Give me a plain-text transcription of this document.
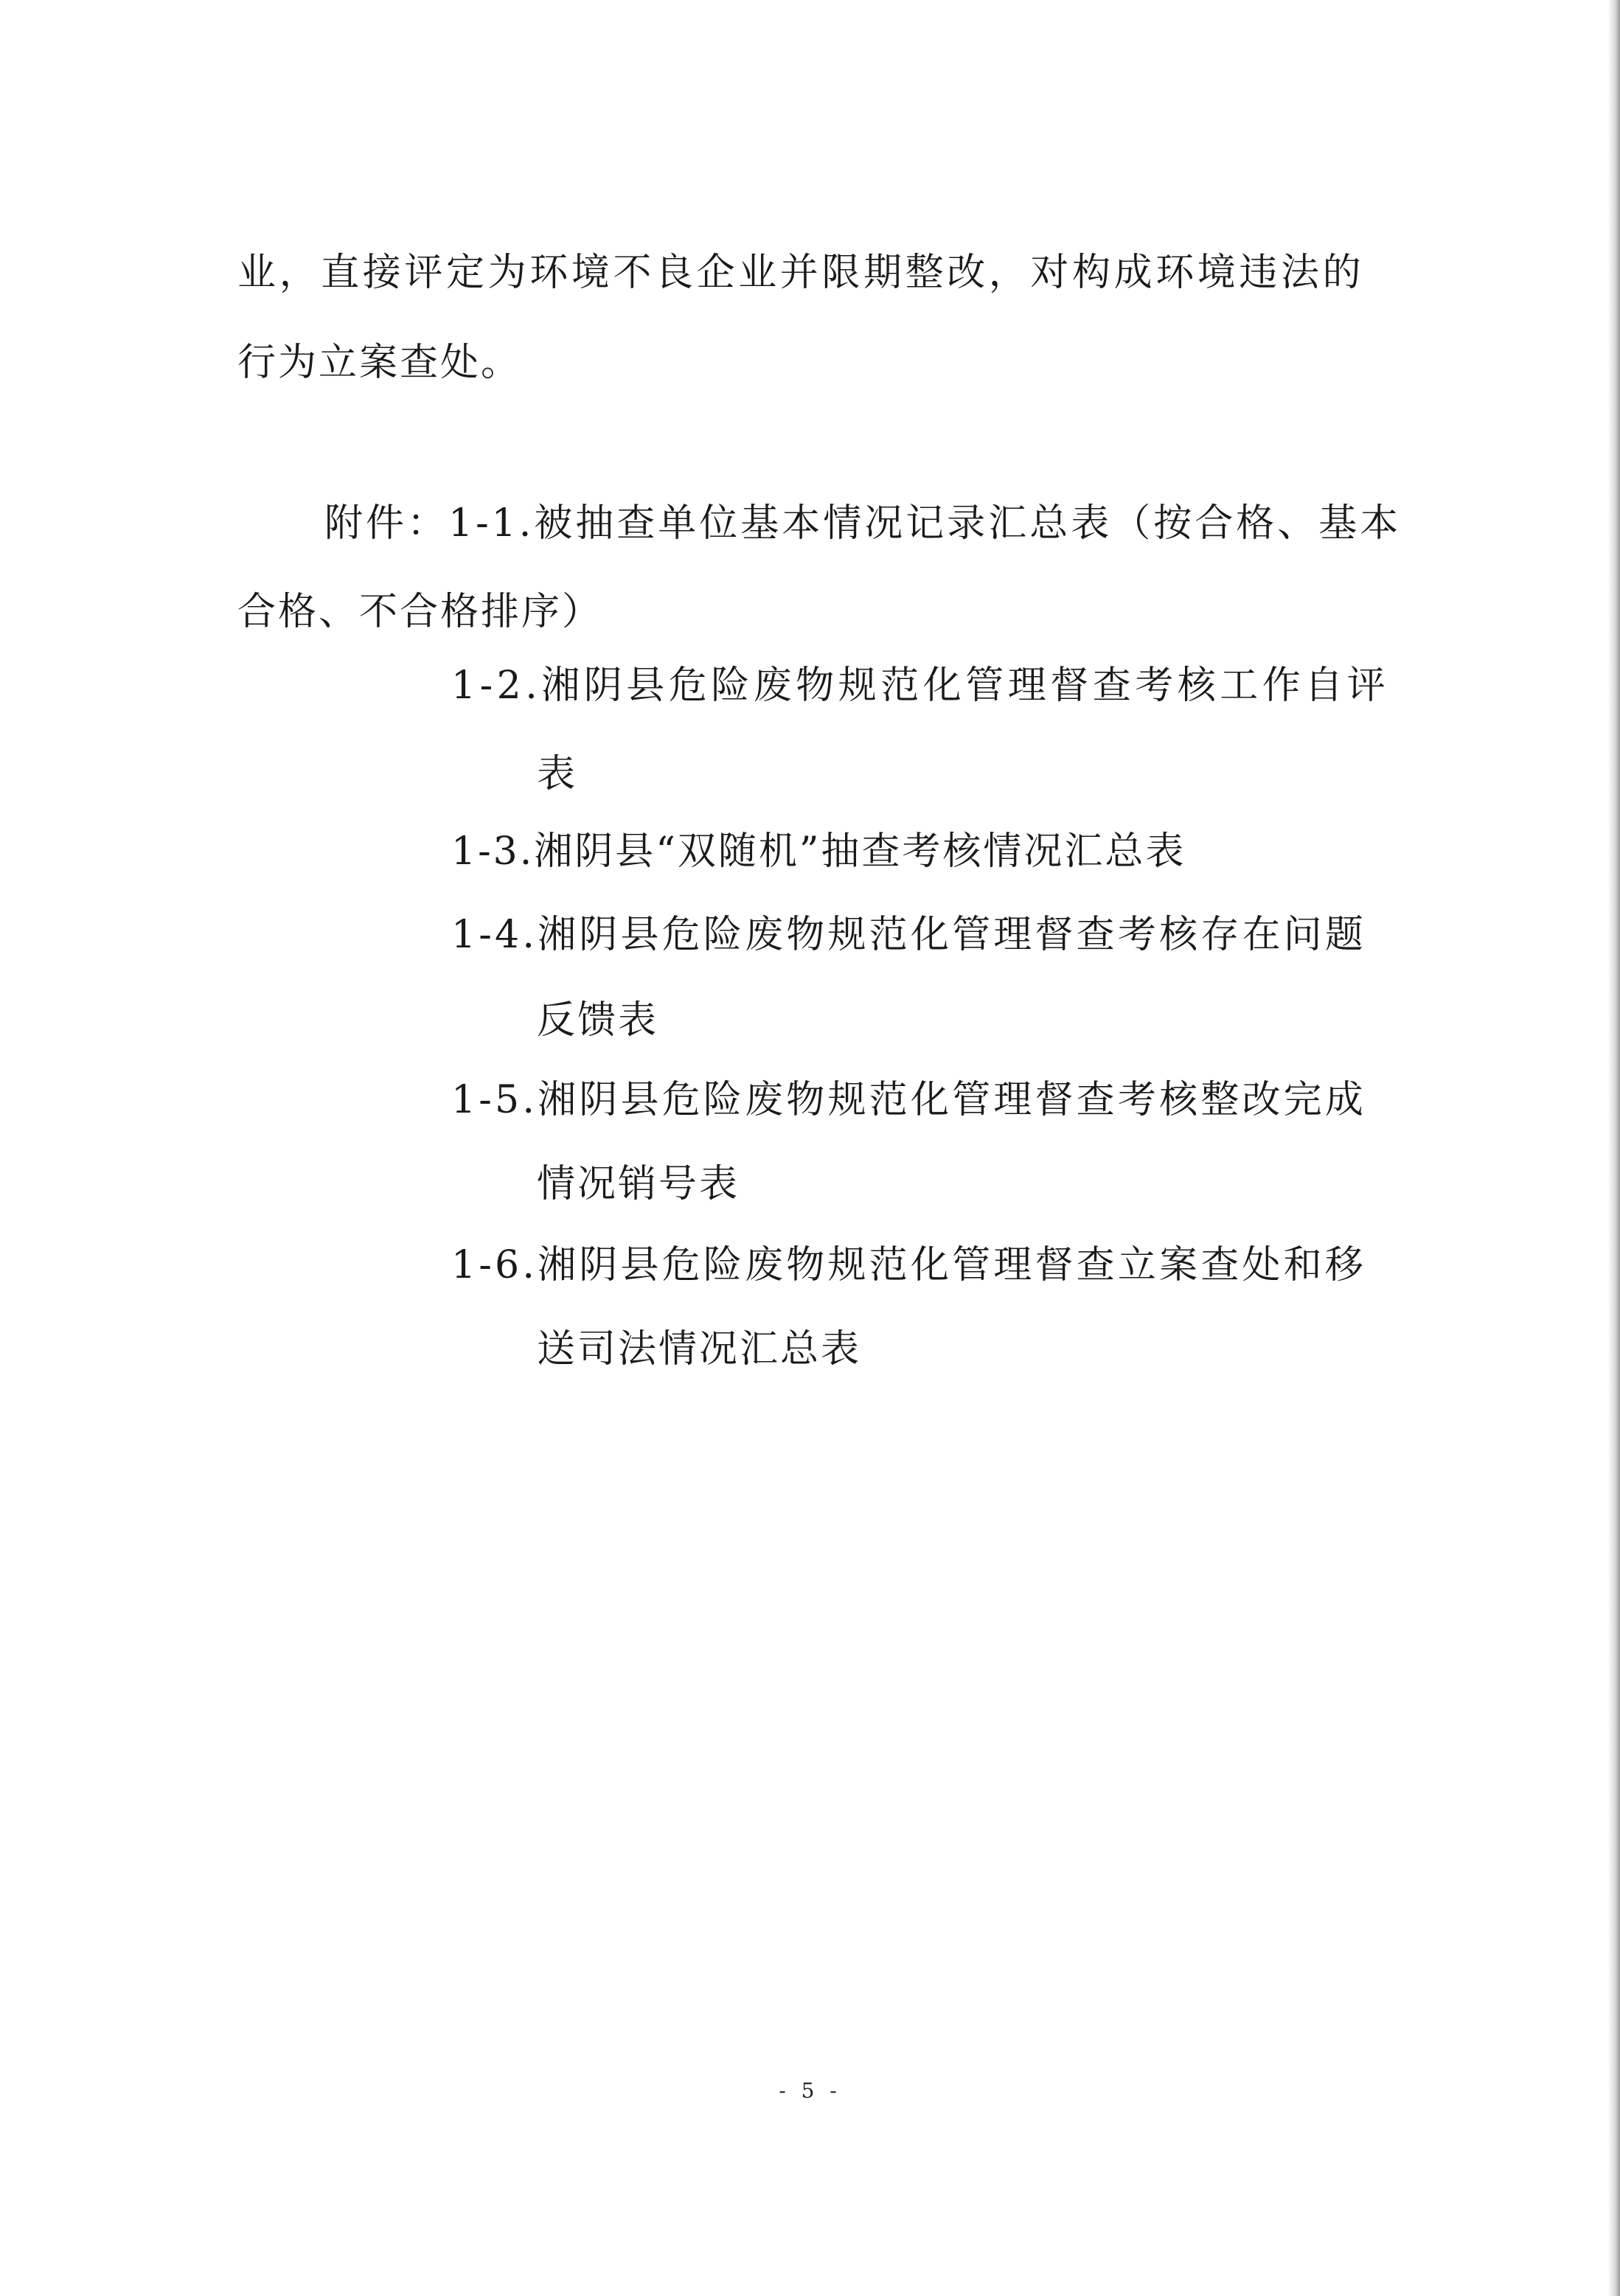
业，直接评定为环境不良企业并限期整改，对构成环境违法的
行为立案查处。
附件：1-1.被抽查单位基本情况记录汇总表（按合格、基本
合格、不合格排序）
1-2.湘阴县危险废物规范化管理督查考核工作自评
表
1-3.湘阴县“双随机”抽查考核情况汇总表
1-4.湘阴县危险废物规范化管理督查考核存在问题
反馈表
1-5.湘阴县危险废物规范化管理督查考核整改完成
情况销号表
1-6.湘阴县危险废物规范化管理督查立案查处和移
送司法情况汇总表
- 5 -
